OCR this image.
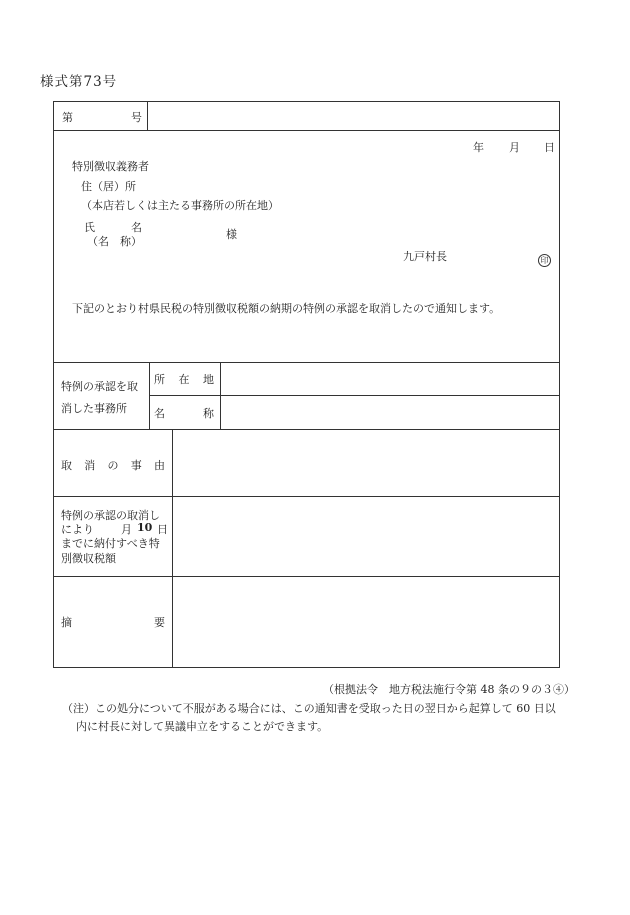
様式第73号
第	号
年 月 日
特別徴収義務者
住（居）所
（本店若しくは主たる事務所の所在地）
氏	名
（名　称）
様
九戸村長	印
下記のとおり村県民税の特別徴収税額の納期の特例の承認を取消したので通知します。
特例の承認を取
消した事務所
所 在 地
名	称
取 消 の 事 由
特例の承認の取消し
により 月 10 日
までに納付すべき特
別徴収税額
摘	要
（根拠法令　地方税法施行令第 48 条の９の３④）
（注）この処分について不服がある場合には、この通知書を受取った日の翌日から起算して 60 日以
内に村長に対して異議申立をすることができます。
